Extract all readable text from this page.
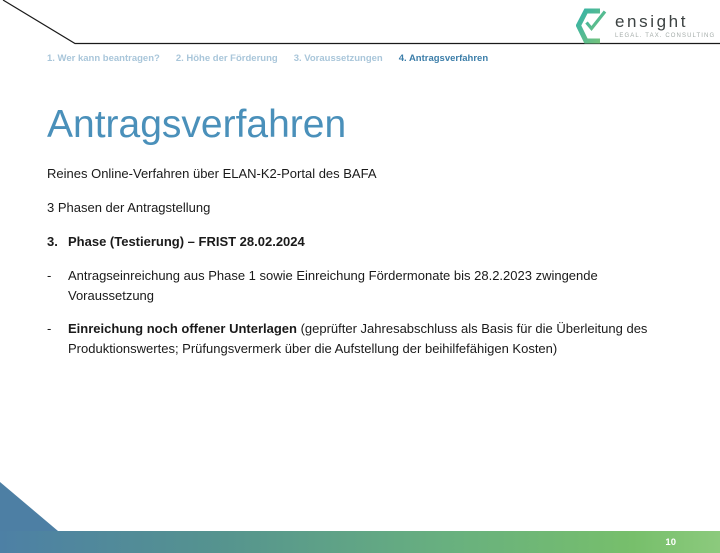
ensight
LEGAL. TAX. CONSULTING
1. Wer kann beantragen? 2. Höhe der Förderung 3. Voraussetzungen 4. Antragsverfahren
Antragsverfahren

Reines Online-Verfahren über ELAN-K2-Portal des BAFA

3 Phasen der Antragstellung

3. Phase (Testierung) – FRIST 28.02.2024
-	Antragseinreichung aus Phase 1 sowie Einreichung Fördermonate bis 28.2.2023 zwingende Voraussetzung
-	Einreichung noch offener Unterlagen (geprüfter Jahresabschluss als Basis für die Überleitung des Produktionswertes; Prüfungsvermerk über die Aufstellung der beihilfefähigen Kosten)
10
